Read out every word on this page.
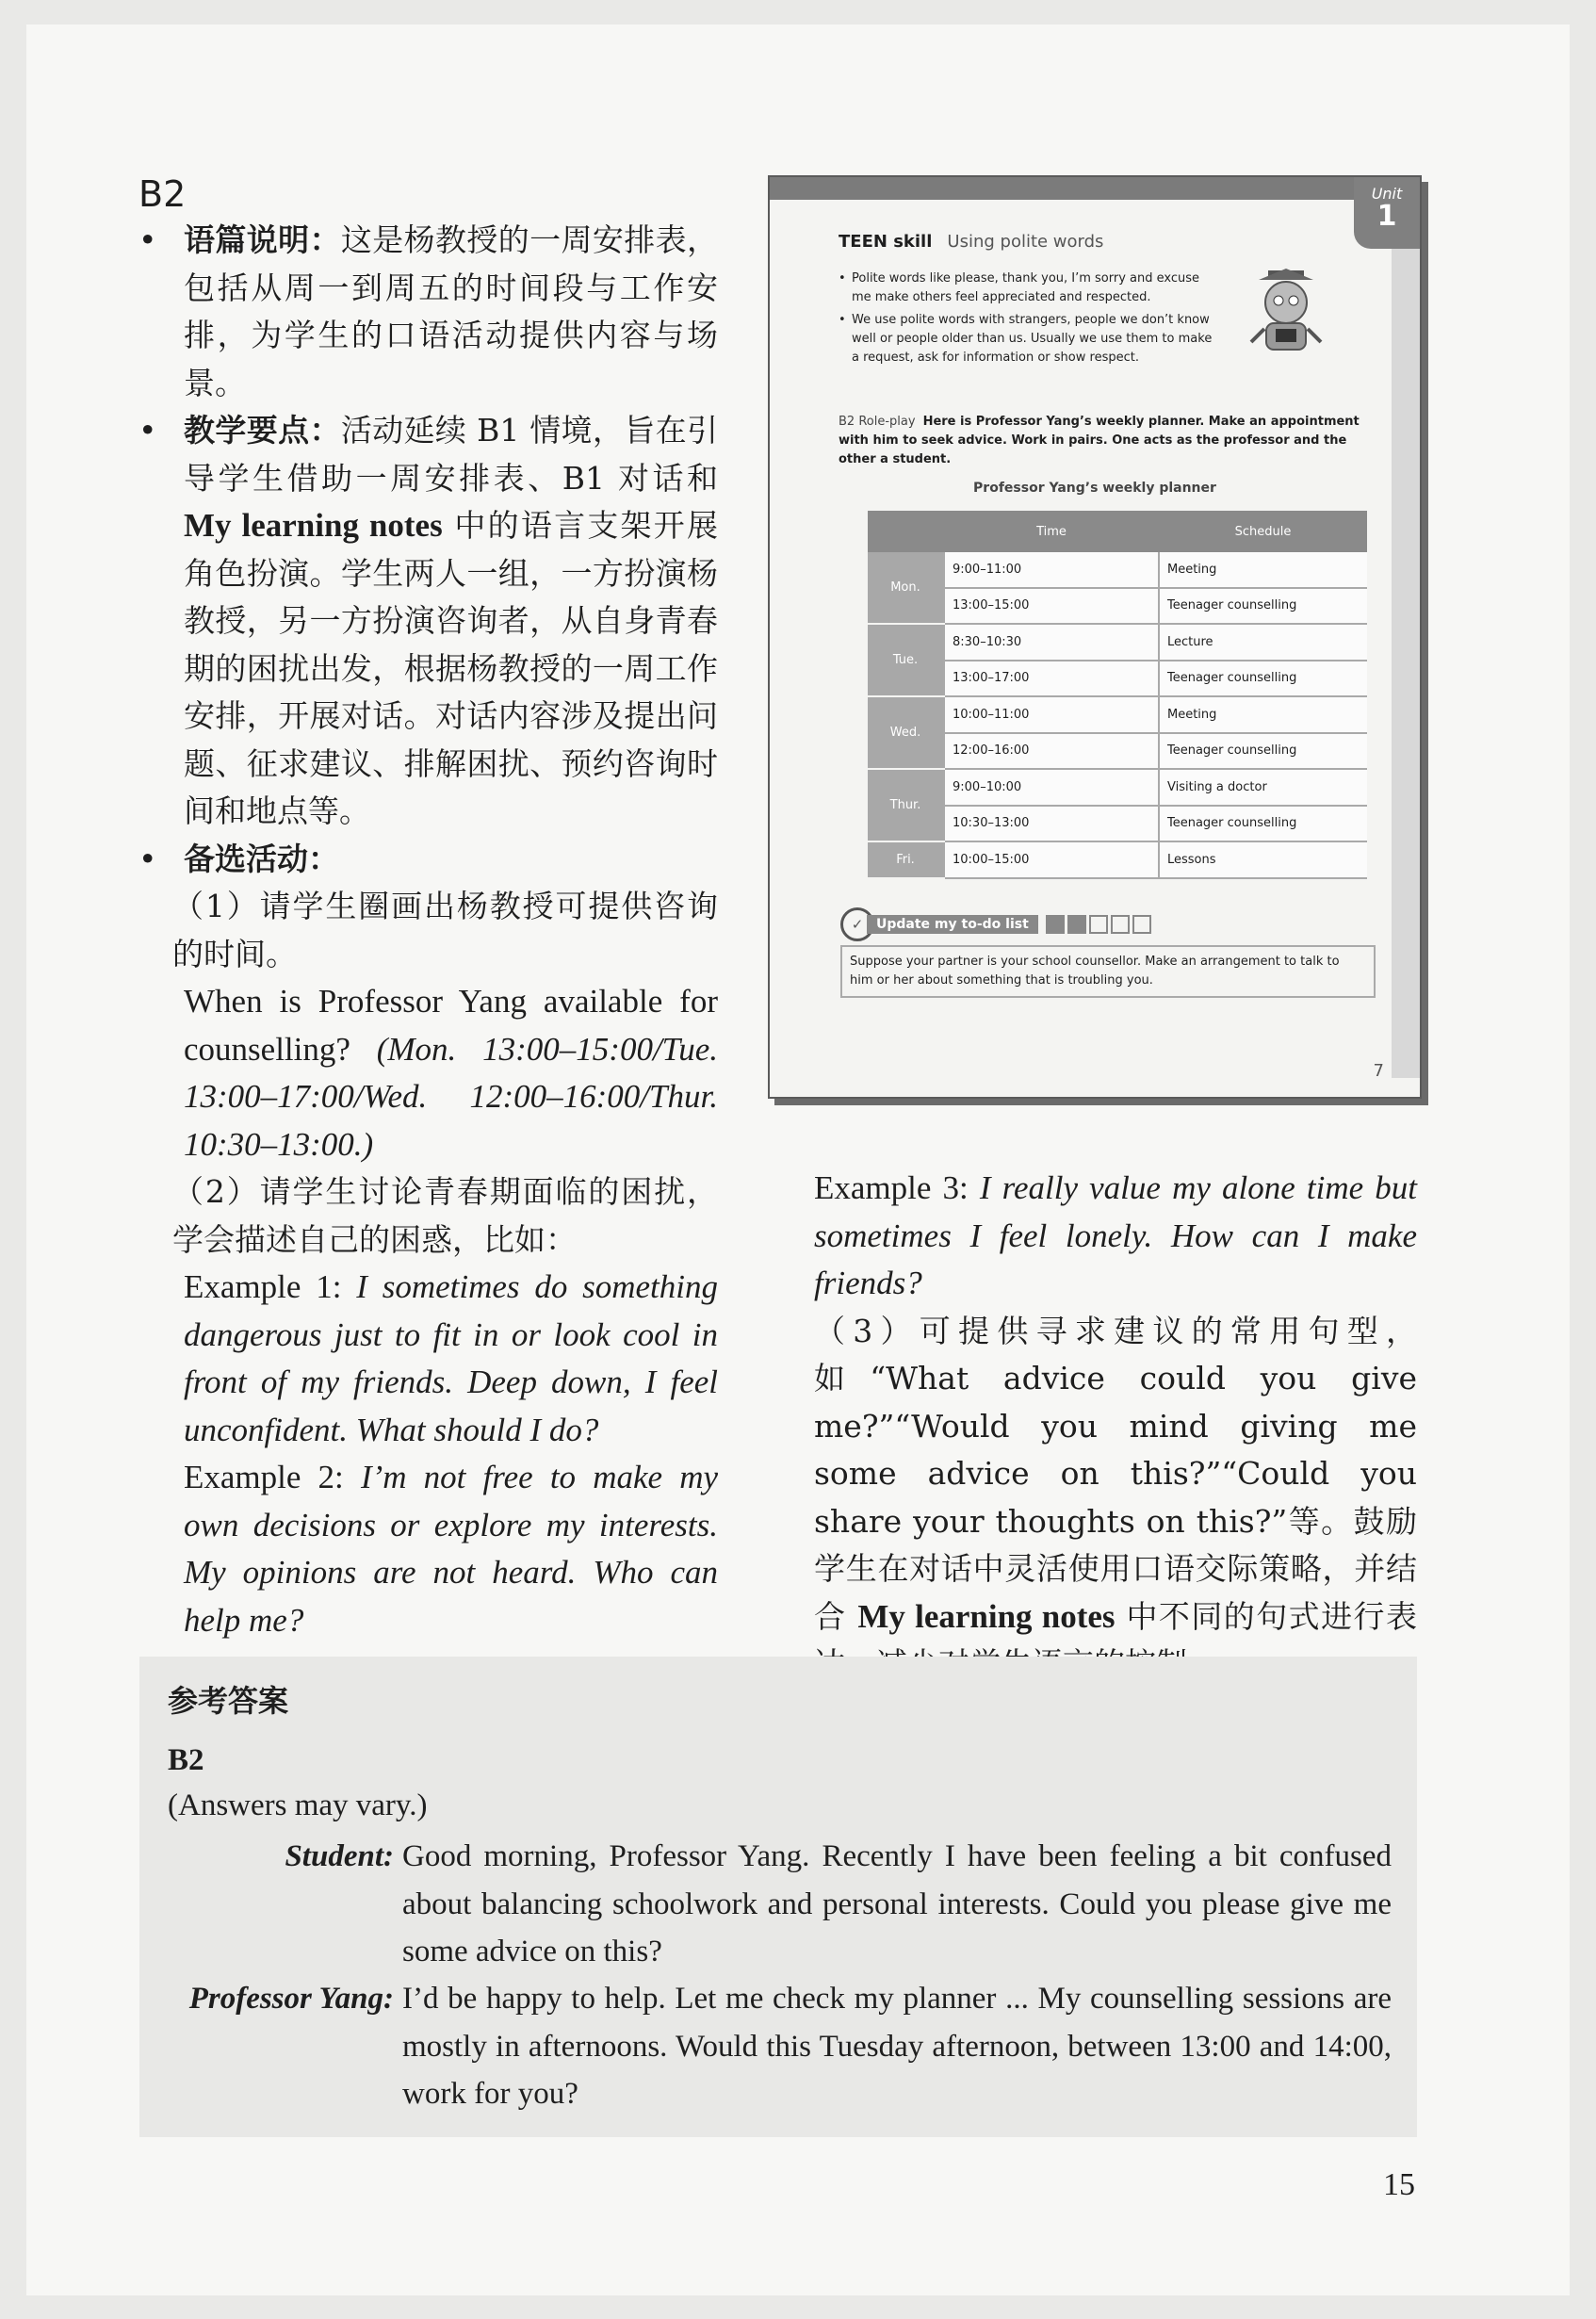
B2

• 语篇说明：这是杨教授的一周安排表，包括从周一到周五的时间段与工作安排，为学生的口语活动提供内容与场景。

• 教学要点：活动延续 B1 情境，旨在引导学生借助一周安排表、B1 对话和 My learning notes 中的语言支架开展角色扮演。学生两人一组，一方扮演杨教授，另一方扮演咨询者，从自身青春期的困扰出发，根据杨教授的一周工作安排，开展对话。对话内容涉及提出问题、征求建议、排解困扰、预约咨询时间和地点等。

• 备选活动：

（1）请学生圈画出杨教授可提供咨询的时间。

When is Professor Yang available for counselling? (Mon. 13:00–15:00/Tue. 13:00–17:00/Wed. 12:00–16:00/Thur. 10:30–13:00.)

（2）请学生讨论青春期面临的困扰，学会描述自己的困惑，比如：

Example 1: I sometimes do something dangerous just to fit in or look cool in front of my friends. Deep down, I feel unconfident. What should I do?

Example 2: I’m not free to make my own decisions or explore my interests. My opinions are not heard. Who can help me?

Example 3: I really value my alone time but sometimes I feel lonely. How can I make friends?

（3）可提供寻求建议的常用句型，如“What advice could you give me?”“Would you mind giving me some advice on this?”“Could you share your thoughts on this?”等。鼓励学生在对话中灵活使用口语交际策略，并结合 My learning notes 中不同的句式进行表

Unit
1
TEEN skill Using polite words
• Polite words like please, thank you, I’m sorry and excuse me make others feel appreciated and respected.
• We use polite words with strangers, people we don’t know well or people older than us. Usually we use them to make a request, ask for information or show respect.
B2 Role-play Here is Professor Yang’s weekly planner. Make an appointment with him to seek advice. Work in pairs. One acts as the professor and the other a student.
Professor Yang’s weekly planner
	Time	Schedule
Mon.	9:00–11:00	Meeting
	13:00–15:00	Teenager counselling
Tue.	8:30–10:30	Lecture
	13:00–17:00	Teenager counselling
Wed.	10:00–11:00	Meeting
	12:00–16:00	Teenager counselling
Thur.	9:00–10:00	Visiting a doctor
	10:30–13:00	Teenager counselling
Fri.	10:00–15:00	Lessons
✓ Update my to-do list
Suppose your partner is your school counsellor. Make an arrangement to talk to him or her about something that is troubling you.
7
参考答案
B2
(Answers may vary.)
Student: Good morning, Professor Yang. Recently I have been feeling a bit confused about balancing schoolwork and personal interests. Could you please give me some advice on this?
Professor Yang: I’d be happy to help. Let me check my planner ... My counselling sessions are mostly in afternoons. Would this Tuesday afternoon, between 13:00 and 14:00, work for you?
15
